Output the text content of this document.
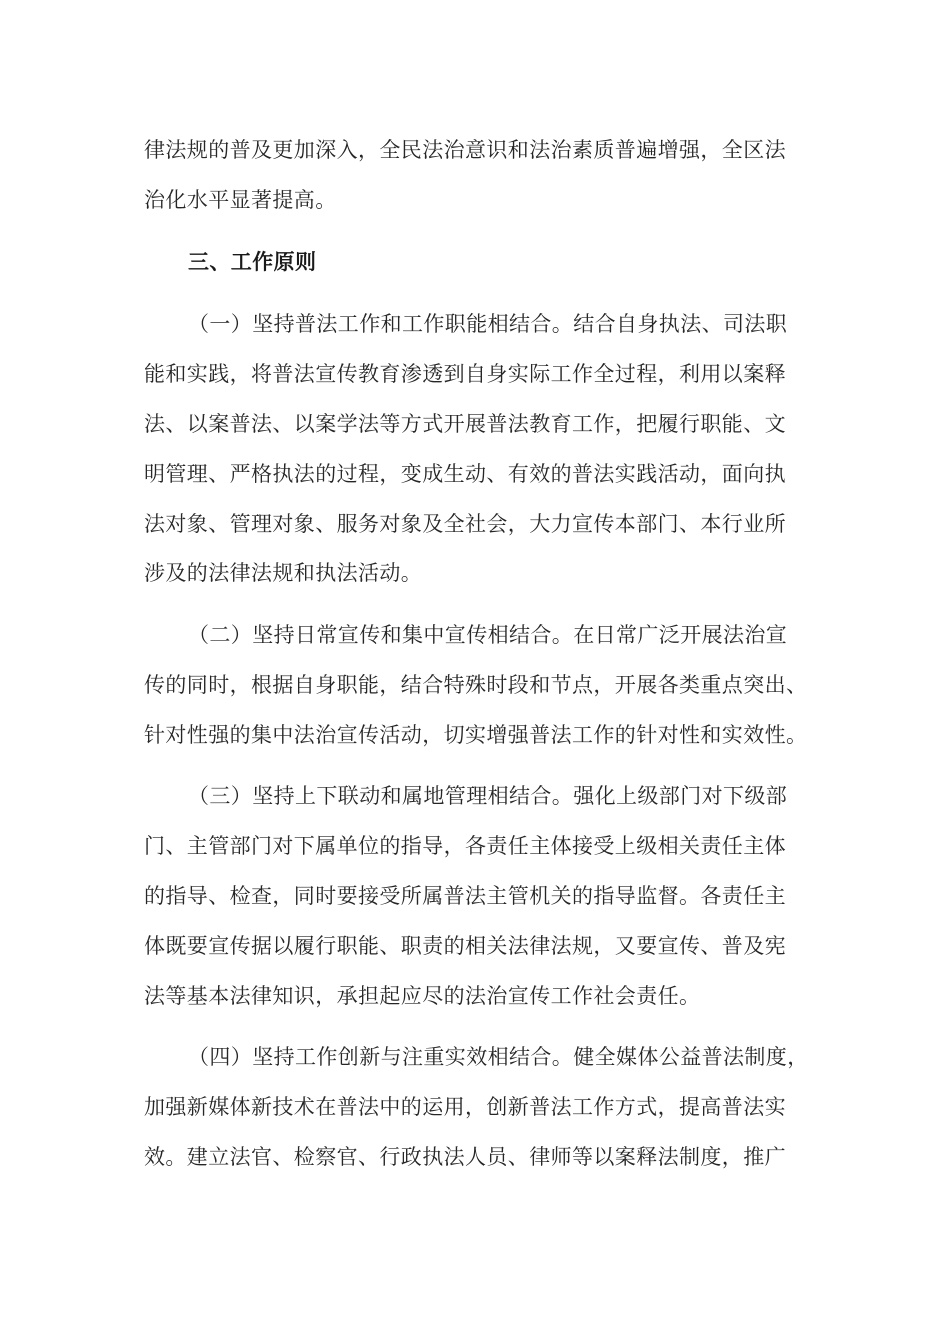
律法规的普及更加深入，全民法治意识和法治素质普遍增强，全区法
治化水平显著提高。
三、工作原则
（一）坚持普法工作和工作职能相结合。结合自身执法、司法职
能和实践，将普法宣传教育渗透到自身实际工作全过程，利用以案释
法、以案普法、以案学法等方式开展普法教育工作，把履行职能、文
明管理、严格执法的过程，变成生动、有效的普法实践活动，面向执
法对象、管理对象、服务对象及全社会，大力宣传本部门、本行业所
涉及的法律法规和执法活动。
（二）坚持日常宣传和集中宣传相结合。在日常广泛开展法治宣
传的同时，根据自身职能，结合特殊时段和节点，开展各类重点突出、
针对性强的集中法治宣传活动，切实增强普法工作的针对性和实效性。
（三）坚持上下联动和属地管理相结合。强化上级部门对下级部
门、主管部门对下属单位的指导，各责任主体接受上级相关责任主体
的指导、检查，同时要接受所属普法主管机关的指导监督。各责任主
体既要宣传据以履行职能、职责的相关法律法规，又要宣传、普及宪
法等基本法律知识，承担起应尽的法治宣传工作社会责任。
（四）坚持工作创新与注重实效相结合。健全媒体公益普法制度，
加强新媒体新技术在普法中的运用，创新普法工作方式，提高普法实
效。建立法官、检察官、行政执法人员、律师等以案释法制度，推广
